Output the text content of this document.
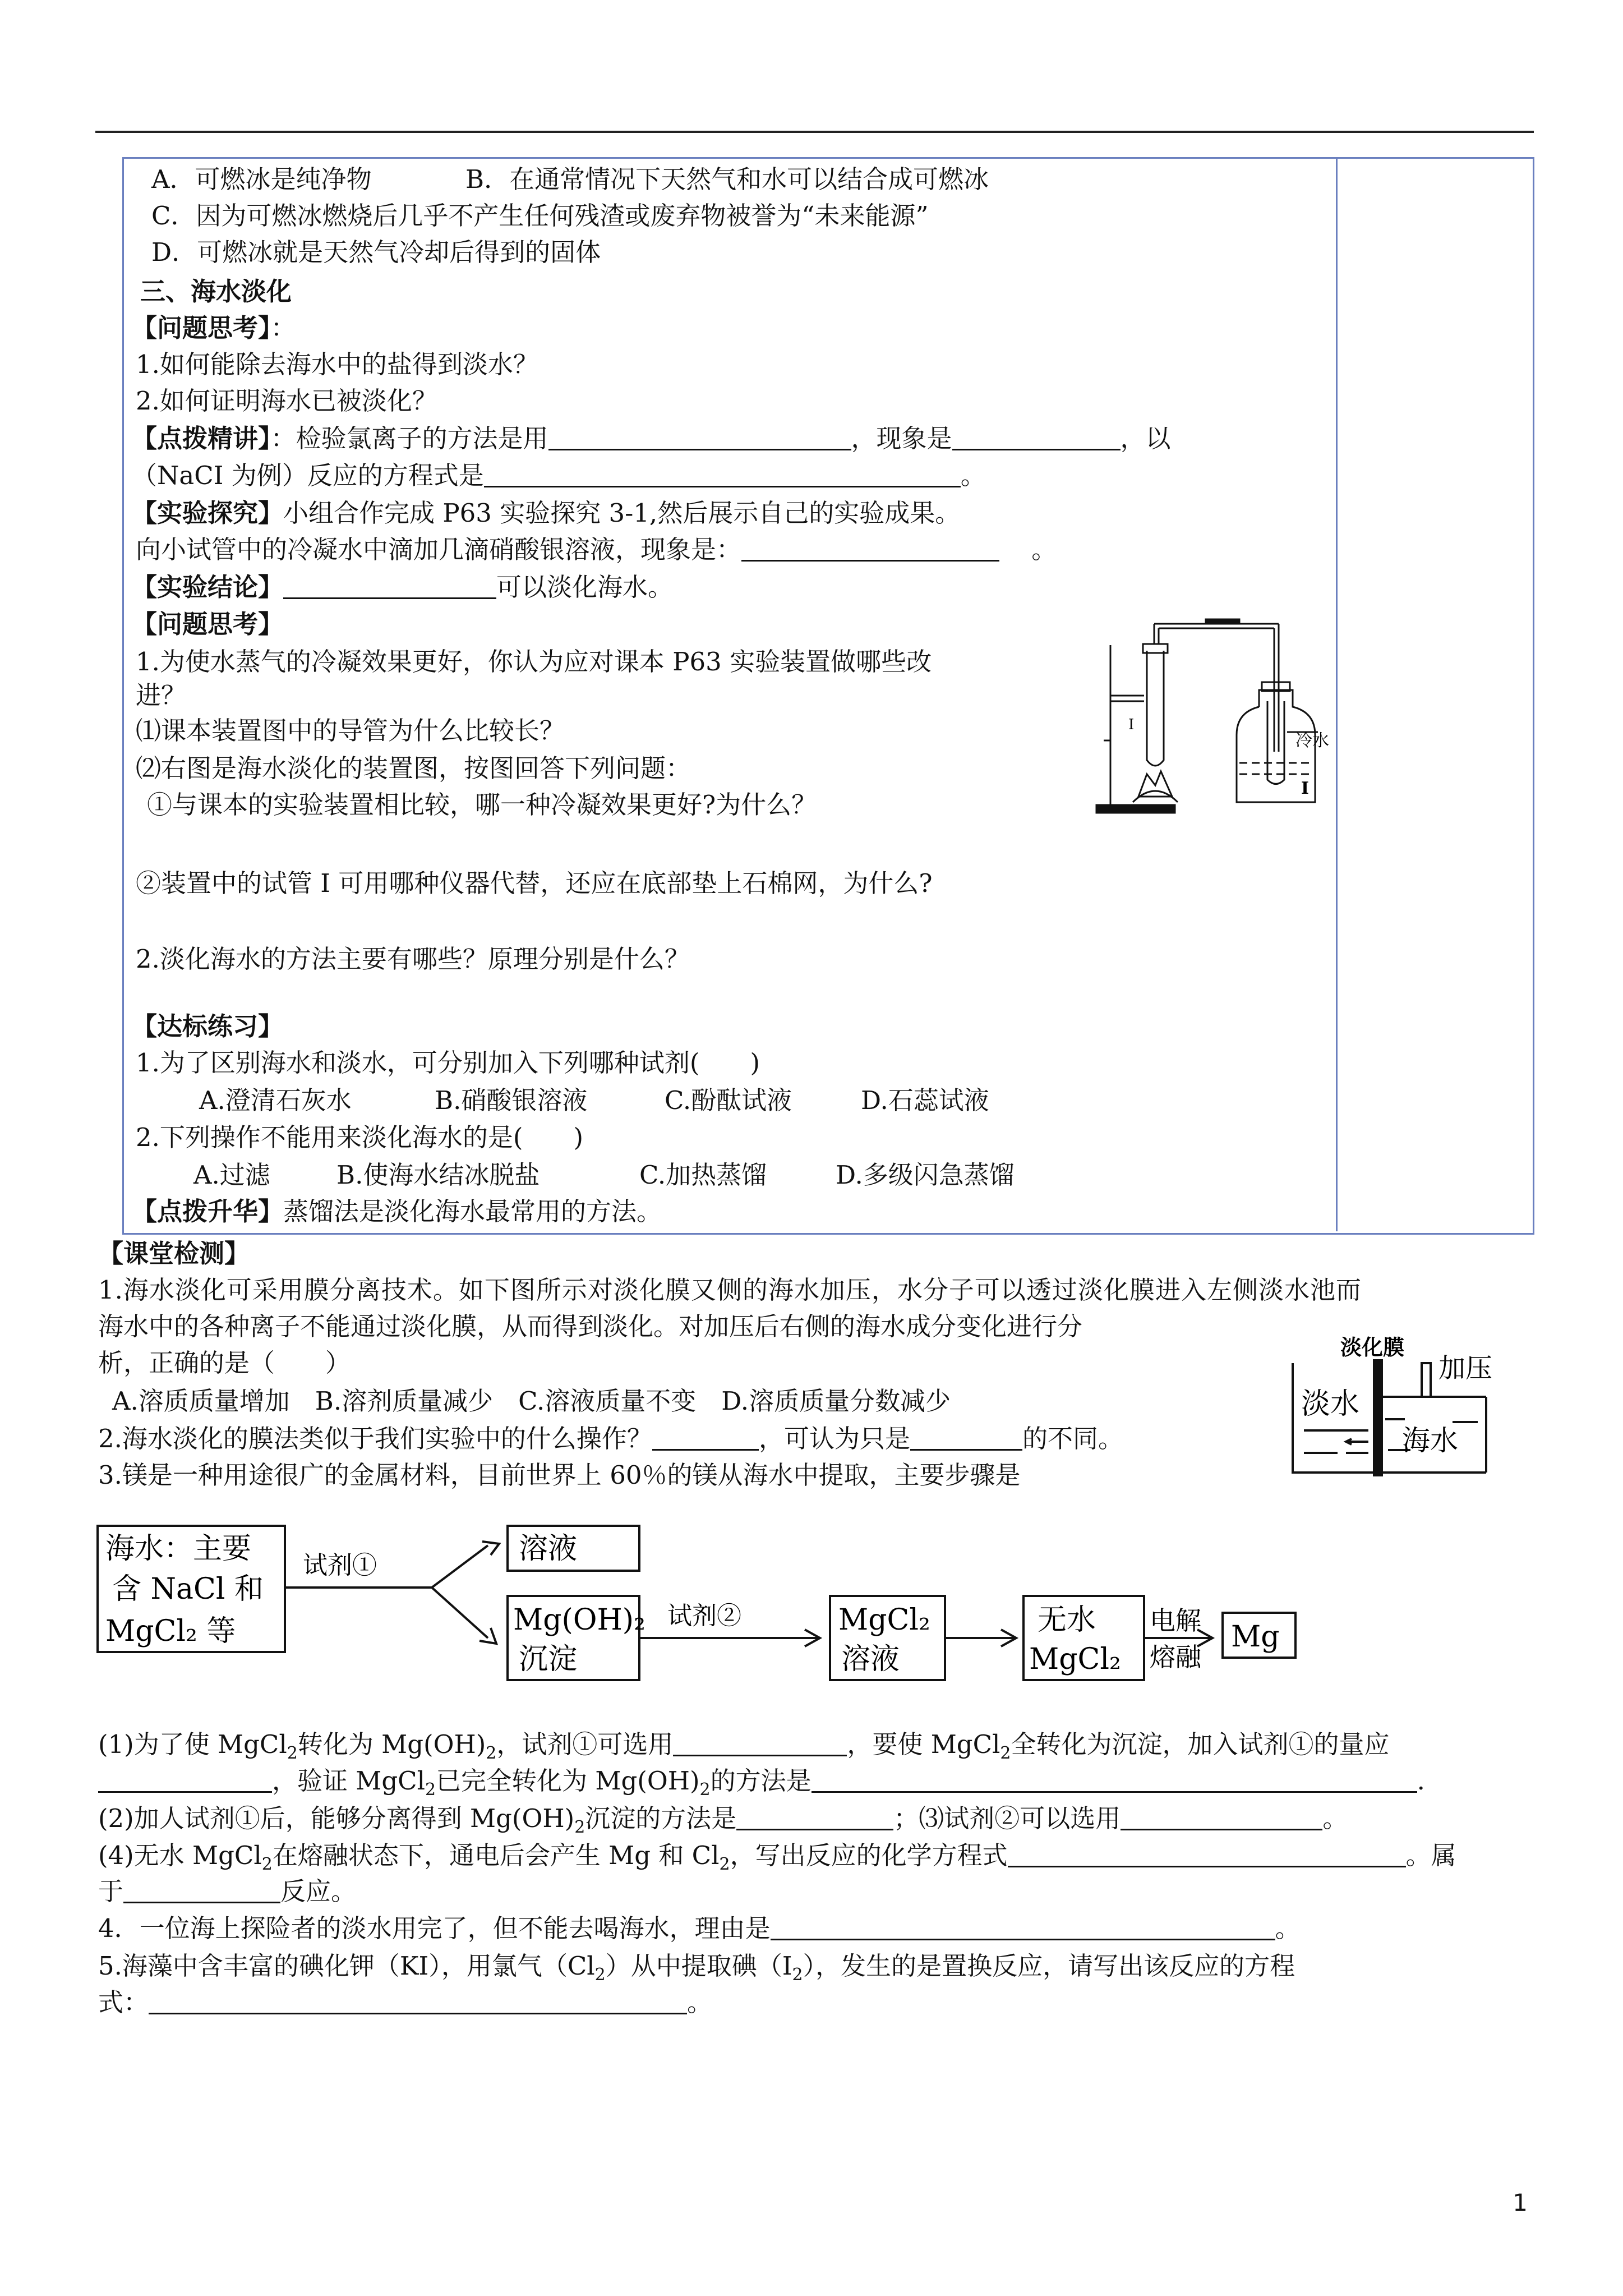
A．可燃冰是纯净物	B．在通常情况下天然气和水可以结合成可燃冰
C．因为可燃冰燃烧后几乎不产生任何残渣或废弃物被誉为“未来能源”
D．可燃冰就是天然气冷却后得到的固体
三、海水淡化
【问题思考】：
1.如何能除去海水中的盐得到淡水？
2.如何证明海水已被淡化？
【点拨精讲】：检验氯离子的方法是用	，现象是	，以
（NaCI 为例）反应的方程式是	。
【实验探究】小组合作完成 P63 实验探究 3-1,然后展示自己的实验成果。
向小试管中的冷凝水中滴加几滴硝酸银溶液，现象是：	。
【实验结论】	可以淡化海水。
【问题思考】
1.为使水蒸气的冷凝效果更好，你认为应对课本 P63 实验装置做哪些改
进？
⑴课本装置图中的导管为什么比较长？
⑵右图是海水淡化的装置图，按图回答下列问题：
①与课本的实验装置相比较，哪一种冷凝效果更好?为什么？
②装置中的试管 I 可用哪种仪器代替，还应在底部垫上石棉网，为什么?
2.淡化海水的方法主要有哪些？原理分别是什么？
冷水
I
I
【达标练习】
1.为了区别海水和淡水，可分别加入下列哪种试剂(　　)
A.澄清石灰水	B.硝酸银溶液	C.酚酞试液	D.石蕊试液
2.下列操作不能用来淡化海水的是(　　)
A.过滤	B.使海水结冰脱盐	C.加热蒸馏	D.多级闪急蒸馏
【点拨升华】蒸馏法是淡化海水最常用的方法。
【课堂检测】
1.海水淡化可采用膜分离技术。如下图所示对淡化膜又侧的海水加压，水分子可以透过淡化膜进入左侧淡水池而
海水中的各种离子不能通过淡化膜，从而得到淡化。对加压后右侧的海水成分变化进行分
析，正确的是（　　）
A.溶质质量增加　B.溶剂质量减少　C.溶液质量不变　D.溶质质量分数减少
2.海水淡化的膜法类似于我们实验中的什么操作？	，可认为只是	的不同。
3.镁是一种用途很广的金属材料，目前世界上 60％的镁从海水中提取，主要步骤是
淡化膜
加压
淡水
海水
海水：主要
含 NaCl 和
MgCl₂ 等
试剂①	溶液
Mg(OH)₂
沉淀
试剂②	MgCl₂
溶液
无水
MgCl₂
电解
熔融
Mg
(1)为了使 MgCl$_2$转化为 $Mg(OH)_2$，试剂①可选用	，要使 MgCl$_2$全转化为沉淀，加入试剂①的量应
，验证 MgCl$_2$已完全转化为 $Mg(OH)_2$的方法是	.
(2)加人试剂①后，能够分离得到 $Mg(OH)_2$沉淀的方法是	；⑶试剂②可以选用	。
(4)无水 MgCl$_2$在熔融状态下，通电后会产生 Mg 和 $Cl_2$，写出反应的化学方程式	。属
于	反应。
4．一位海上探险者的淡水用完了，但不能去喝海水，理由是	。
5.海藻中含丰富的碘化钾（KI），用氯气$(Cl_2)$从中提取碘$(I_2)$，发生的是置换反应，请写出该反应的方程
式：	。
1
